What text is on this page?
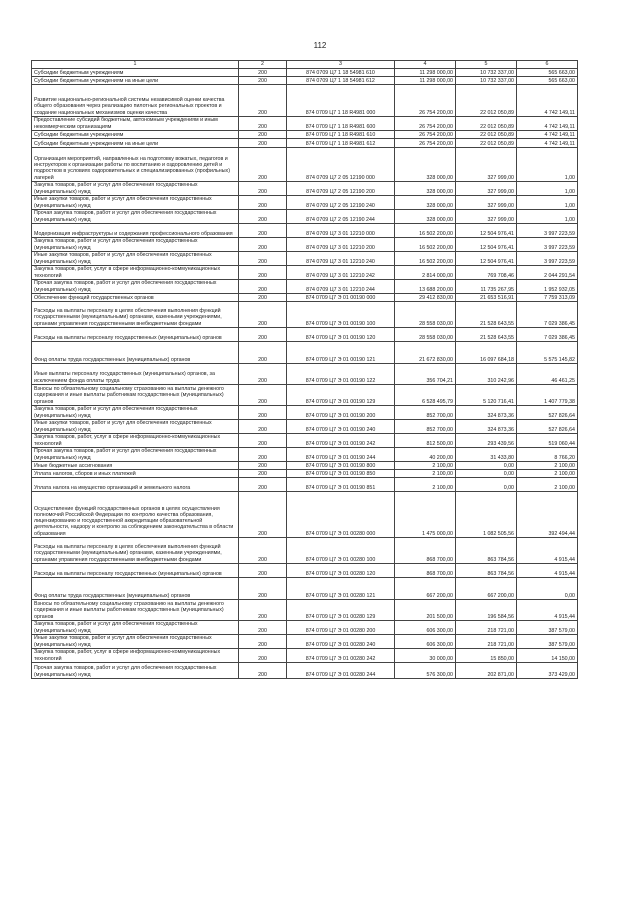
112
1	2	3	4	5	6
Субсидии бюджетным учреждениям	200	874 0709 Ц7 1 18 54981 610	11 298 000,00	10 732 337,00	565 663,00
Субсидии бюджетным учреждениям на иные цели	200	874 0709 Ц7 1 18 54981 612	11 298 000,00	10 732 337,00	565 663,00
Развитие национально-региональной системы независимой оценки качества общего образования через реализацию пилотных региональных проектов и создание национальных механизмов оценки качества	200	874 0709 Ц7 1 18 R4981 000	26 754 200,00	22 012 050,89	4 742 149,11
Предоставление субсидий бюджетным, автономным учреждениям и иным некоммерческим организациям	200	874 0709 Ц7 1 18 R4981 600	26 754 200,00	22 012 050,89	4 742 149,11
Субсидии бюджетным учреждениям	200	874 0709 Ц7 1 18 R4981 610	26 754 200,00	22 012 050,89	4 742 149,11
Субсидии бюджетным учреждениям на иные цели	200	874 0709 Ц7 1 18 R4981 612	26 754 200,00	22 012 050,89	4 742 149,11
Организация мероприятий, направленных на подготовку вожатых, педагогов и инструкторов к организации работы по воспитанию и оздоровлению детей и подростков в условиях оздоровительных и специализированных (профильных) лагерей	200	874 0709 Ц7 2 05 12190 000	328 000,00	327 999,00	1,00
Закупка товаров, работ и услуг для обеспечения государственных (муниципальных) нужд	200	874 0709 Ц7 2 05 12190 200	328 000,00	327 999,00	1,00
Иные закупки товаров, работ и услуг для обеспечения государственных (муниципальных) нужд	200	874 0709 Ц7 2 05 12190 240	328 000,00	327 999,00	1,00
Прочая закупка товаров, работ и услуг для обеспечения государственных (муниципальных) нужд	200	874 0709 Ц7 2 05 12190 244	328 000,00	327 999,00	1,00
Модернизация инфраструктуры и содержания профессионального образования	200	874 0709 Ц7 3 01 12210 000	16 502 200,00	12 504 976,41	3 997 223,59
Закупка товаров, работ и услуг для обеспечения государственных (муниципальных) нужд	200	874 0709 Ц7 3 01 12210 200	16 502 200,00	12 504 976,41	3 997 223,59
Иные закупки товаров, работ и услуг для обеспечения государственных (муниципальных) нужд	200	874 0709 Ц7 3 01 12210 240	16 502 200,00	12 504 976,41	3 997 223,59
Закупка товаров, работ, услуг в сфере информационно-коммуникационных технологий	200	874 0709 Ц7 3 01 12210 242	2 814 000,00	769 708,46	2 044 291,54
Прочая закупка товаров, работ и услуг для обеспечения государственных (муниципальных) нужд	200	874 0709 Ц7 3 01 12210 244	13 688 200,00	11 735 267,95	1 952 932,05
Обеспечение функций государственных органов	200	874 0709 Ц7 Э 01 00190 000	29 412 830,00	21 653 516,91	7 759 313,09
Расходы на выплаты персоналу в целях обеспечения выполнения функций государственными (муниципальными) органами, казенными учреждениями, органами управления государственными внебюджетными фондами	200	874 0709 Ц7 Э 01 00190 100	28 558 030,00	21 528 643,55	7 029 386,45
Расходы на выплаты персоналу государственных (муниципальных) органов	200	874 0709 Ц7 Э 01 00190 120	28 558 030,00	21 528 643,55	7 029 386,45
Фонд оплаты труда государственных (муниципальных) органов	200	874 0709 Ц7 Э 01 00190 121	21 672 830,00	16 097 684,18	5 575 145,82
Иные выплаты персоналу государственных (муниципальных) органов, за исключением фонда оплаты труда	200	874 0709 Ц7 Э 01 00190 122	356 704,21	310 242,96	46 461,25
Взносы по обязательному социальному страхованию на выплаты денежного содержания и иные выплаты работникам государственных (муниципальных) органов	200	874 0709 Ц7 Э 01 00190 129	6 528 495,79	5 120 716,41	1 407 779,38
Закупка товаров, работ и услуг для обеспечения государственных (муниципальных) нужд	200	874 0709 Ц7 Э 01 00190 200	852 700,00	324 873,36	527 826,64
Иные закупки товаров, работ и услуг для обеспечения государственных (муниципальных) нужд	200	874 0709 Ц7 Э 01 00190 240	852 700,00	324 873,36	527 826,64
Закупка товаров, работ, услуг в сфере информационно-коммуникационных технологий	200	874 0709 Ц7 Э 01 00190 242	812 500,00	293 439,56	519 060,44
Прочая закупка товаров, работ и услуг для обеспечения государственных (муниципальных) нужд	200	874 0709 Ц7 Э 01 00190 244	40 200,00	31 433,80	8 766,20
Иные бюджетные ассигнования	200	874 0709 Ц7 Э 01 00190 800	2 100,00	0,00	2 100,00
Уплата налогов, сборов и иных платежей	200	874 0709 Ц7 Э 01 00190 850	2 100,00	0,00	2 100,00
Уплата налога на имущество организаций и земельного налога	200	874 0709 Ц7 Э 01 00190 851	2 100,00	0,00	2 100,00
Осуществление функций государственных органов в целях осуществления полномочий Российской Федерации по контролю качества образования, лицензированию и государственной аккредитации образовательной деятельности, надзору и контролю за соблюдением законодательства в области образования	200	874 0709 Ц7 Э 01 00280 000	1 475 000,00	1 082 505,56	392 494,44
Расходы на выплаты персоналу в целях обеспечения выполнения функций государственными (муниципальными) органами, казенными учреждениями, органами управления государственными внебюджетными фондами	200	874 0709 Ц7 Э 01 00280 100	868 700,00	863 784,56	4 915,44
Расходы на выплаты персоналу государственных (муниципальных) органов	200	874 0709 Ц7 Э 01 00280 120	868 700,00	863 784,56	4 915,44
Фонд оплаты труда государственных (муниципальных) органов	200	874 0709 Ц7 Э 01 00280 121	667 200,00	667 200,00	0,00
Взносы по обязательному социальному страхованию на выплаты денежного содержания и иные выплаты работникам государственных (муниципальных) органов	200	874 0709 Ц7 Э 01 00280 129	201 500,00	196 584,56	4 915,44
Закупка товаров, работ и услуг для обеспечения государственных (муниципальных) нужд	200	874 0709 Ц7 Э 01 00280 200	606 300,00	218 721,00	387 579,00
Иные закупки товаров, работ и услуг для обеспечения государственных (муниципальных) нужд	200	874 0709 Ц7 Э 01 00280 240	606 300,00	218 721,00	387 579,00
Закупка товаров, работ, услуг в сфере информационно-коммуникационных технологий	200	874 0709 Ц7 Э 01 00280 242	30 000,00	15 850,00	14 150,00
Прочая закупка товаров, работ и услуг для обеспечения государственных (муниципальных) нужд	200	874 0709 Ц7 Э 01 00280 244	576 300,00	202 871,00	373 429,00
